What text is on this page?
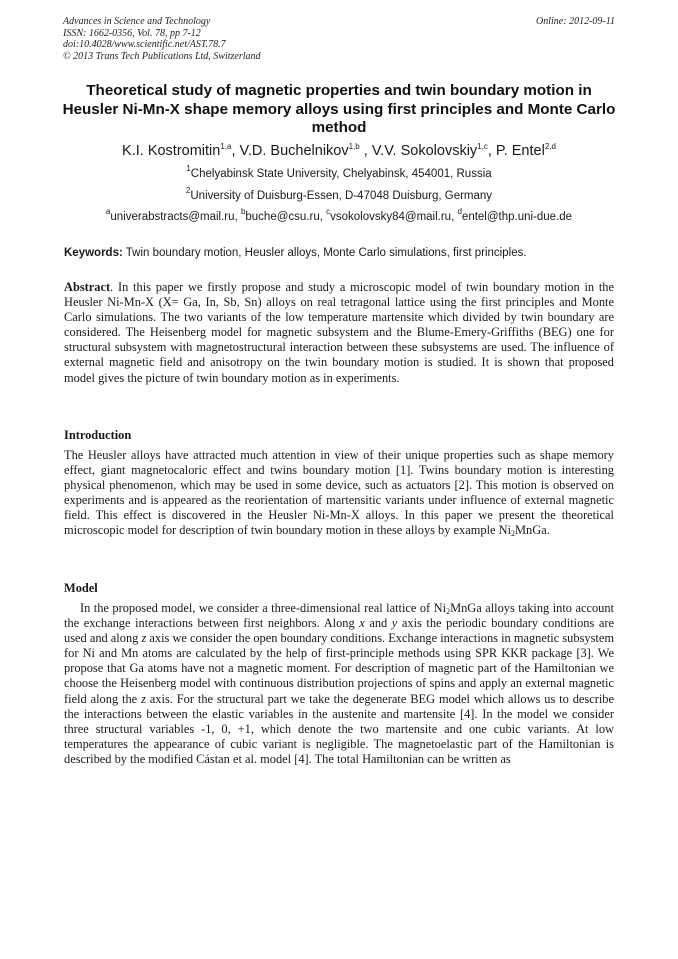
Advances in Science and Technology
ISSN: 1662-0356, Vol. 78, pp 7-12
doi:10.4028/www.scientific.net/AST.78.7
© 2013 Trans Tech Publications Ltd, Switzerland
Online: 2012-09-11
Theoretical study of magnetic properties and twin boundary motion in Heusler Ni-Mn-X shape memory alloys using first principles and Monte Carlo method
K.I. Kostromitin$^{1,a}$, V.D. Buchelnikov$^{1,b}$ , V.V. Sokolovskiy$^{1,c}$, P. Entel$^{2,d}$
$^1$Chelyabinsk State University, Chelyabinsk, 454001, Russia
$^2$University of Duisburg-Essen, D-47048 Duisburg, Germany
$^a$univerabstracts@mail.ru, $^b$buche@csu.ru, $^c$vsokolovsky84@mail.ru, $^d$entel@thp.uni-due.de
Keywords: Twin boundary motion, Heusler alloys, Monte Carlo simulations, first principles.
Abstract. In this paper we firstly propose and study a microscopic model of twin boundary motion in the Heusler Ni-Mn-X (X= Ga, In, Sb, Sn) alloys on real tetragonal lattice using the first principles and Monte Carlo simulations. The two variants of the low temperature martensite which divided by twin boundary are considered. The Heisenberg model for magnetic subsystem and the Blume-Emery-Griffiths (BEG) one for structural subsystem with magnetostructural interaction between these subsystems are used. The influence of external magnetic field and anisotropy on the twin boundary motion is studied. It is shown that proposed model gives the picture of twin boundary motion as in experiments.
Introduction
The Heusler alloys have attracted much attention in view of their unique properties such as shape memory effect, giant magnetocaloric effect and twins boundary motion [1]. Twins boundary motion is interesting physical phenomenon, which may be used in some device, such as actuators [2]. This motion is observed on experiments and is appeared as the reorientation of martensitic variants under influence of external magnetic field. This effect is discovered in the Heusler Ni-Mn-X alloys. In this paper we present the theoretical microscopic model for description of twin boundary motion in these alloys by example $Ni_2MnGa$.
Model
In the proposed model, we consider a three-dimensional real lattice of $Ni_2MnGa$ alloys taking into account the exchange interactions between first neighbors. Along x and y axis the periodic boundary conditions are used and along z axis we consider the open boundary conditions. Exchange interactions in magnetic subsystem for Ni and Mn atoms are calculated by the help of first-principle methods using SPR KKR package [3]. We propose that Ga atoms have not a magnetic moment. For description of magnetic part of the Hamiltonian we choose the Heisenberg model with continuous distribution projections of spins and apply an external magnetic field along the z axis. For the structural part we take the degenerate BEG model which allows us to describe the interactions between the elastic variables in the austenite and martensite [4]. In the model we consider three structural variables -1, 0, +1, which denote the two martensite and one cubic variants. At low temperatures the appearance of cubic variant is negligible. The magnetoelastic part of the Hamiltonian is described by the modified Cástan et al. model [4]. The total Hamiltonian can be written as
